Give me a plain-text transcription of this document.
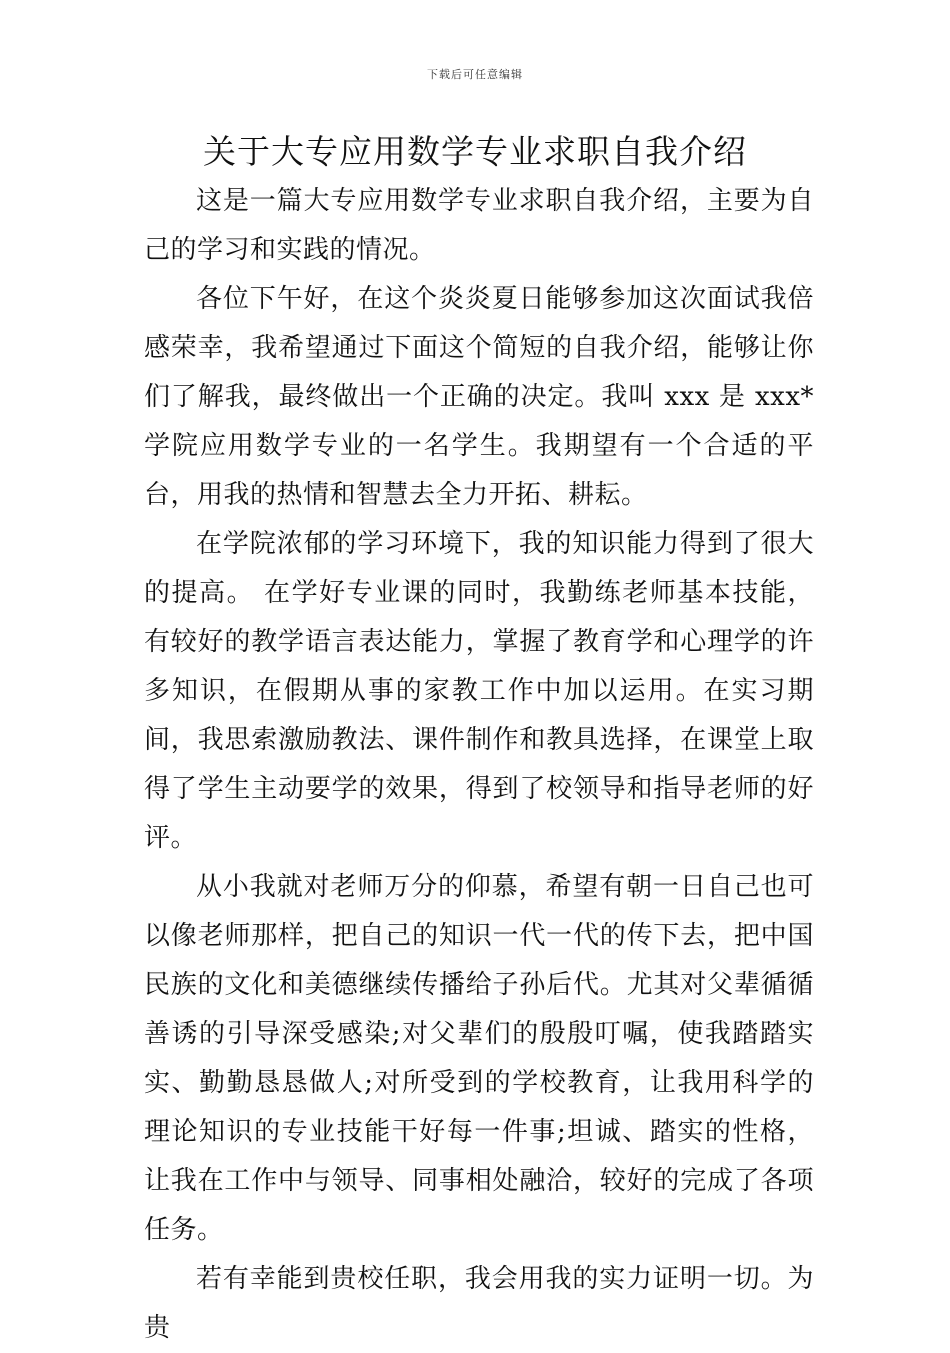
下载后可任意编辑
关于大专应用数学专业求职自我介绍

这是一篇大专应用数学专业求职自我介绍，主要为自己的学习和实践的情况。

各位下午好，在这个炎炎夏日能够参加这次面试我倍感荣幸，我希望通过下面这个简短的自我介绍，能够让你们了解我，最终做出一个正确的决定。我叫 xxx 是 xxx*学院应用数学专业的一名学生。我期望有一个合适的平台，用我的热情和智慧去全力开拓、耕耘。

在学院浓郁的学习环境下，我的知识能力得到了很大的提高。 在学好专业课的同时，我勤练老师基本技能，有较好的教学语言表达能力，掌握了教育学和心理学的许多知识，在假期从事的家教工作中加以运用。在实习期间，我思索激励教法、课件制作和教具选择，在课堂上取得了学生主动要学的效果，得到了校领导和指导老师的好评。

从小我就对老师万分的仰慕，希望有朝一日自己也可以像老师那样，把自己的知识一代一代的传下去，把中国民族的文化和美德继续传播给子孙后代。尤其对父辈循循善诱的引导深受感染;对父辈们的殷殷叮嘱，使我踏踏实实、勤勤恳恳做人;对所受到的学校教育，让我用科学的理论知识的专业技能干好每一件事;坦诚、踏实的性格，让我在工作中与领导、同事相处融洽，较好的完成了各项任务。

若有幸能到贵校任职，我会用我的实力证明一切。为贵
